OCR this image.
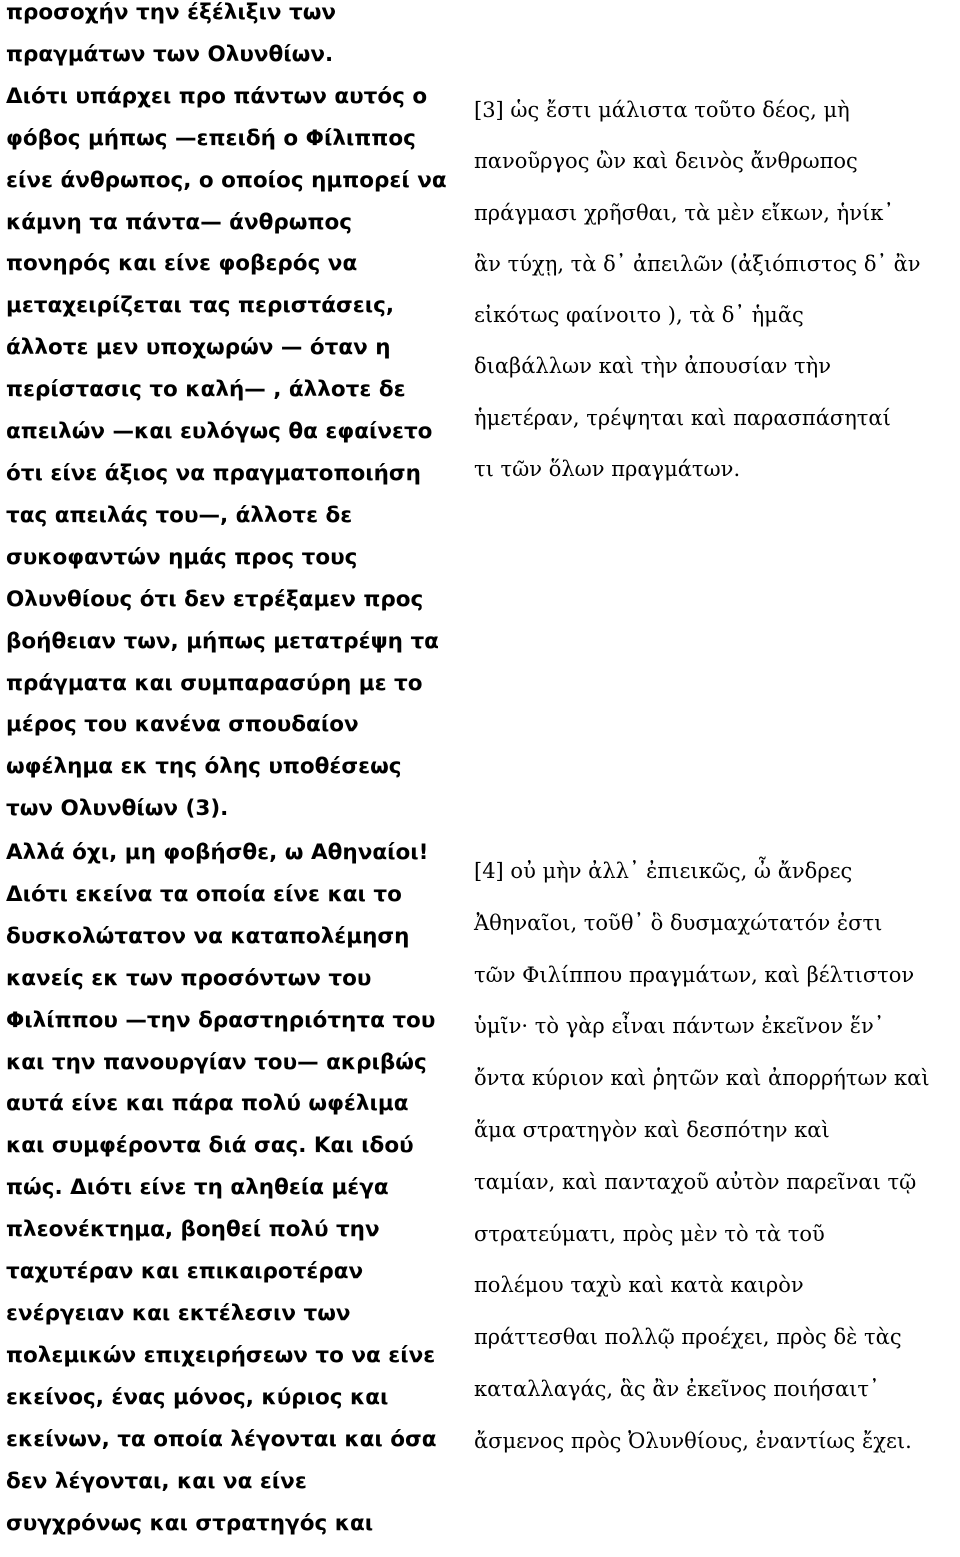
προσοχήν την έξέλιξιν των
πραγμάτων των Ολυνθίων.
Διότι υπάρχει προ πάντων αυτός ο
φόβος μήπως —επειδή ο Φίλιππος
είνε άνθρωπος, ο οποίος ημπορεί να
κάμνη τα πάντα— άνθρωπος
πονηρός και είνε φοβερός να
μεταχειρίζεται τας περιστάσεις,
άλλοτε μεν υποχωρών — όταν η
περίστασις το καλή— , άλλοτε δε
απειλών —και ευλόγως θα εφαίνετο
ότι είνε άξιος να πραγματοποιήση
τας απειλάς του—, άλλοτε δε
συκοφαντών ημάς προς τους
Ολυνθίους ότι δεν ετρέξαμεν προς
βοήθειαν των, μήπως μετατρέψη τα
πράγματα και συμπαρασύρη με το
μέρος του κανένα σπουδαίον
ωφέλημα εκ της όλης υποθέσεως
των Ολυνθίων (3).
Αλλά όχι, μη φοβήσθε, ω Αθηναίοι!
Διότι εκείνα τα οποία είνε και το
δυσκολώτατον να καταπολέμηση
κανείς εκ των προσόντων του
Φιλίππου —την δραστηριότητα του
και την πανουργίαν του— ακριβώς
αυτά είνε και πάρα πολύ ωφέλιμα
και συμφέροντα διά σας. Και ιδού
πώς. Διότι είνε τη αληθεία μέγα
πλεονέκτημα, βοηθεί πολύ την
ταχυτέραν και επικαιροτέραν
ενέργειαν και εκτέλεσιν των
πολεμικών επιχειρήσεων το να είνε
εκείνος, ένας μόνος, κύριος και
εκείνων, τα οποία λέγονται και όσα
δεν λέγονται, και να είνε
συγχρόνως και στρατηγός και
[3] ὡς ἔστι μάλιστα τοῦτο δέος, μὴ
πανοῦργος ὢν καὶ δεινὸς ἄνθρωπος
πράγμασι χρῆσθαι, τὰ μὲν εἴκων, ἡνίκ᾽
ἂν τύχῃ, τὰ δ᾽ ἀπειλῶν (ἀξιόπιστος δ᾽ ἂν
εἰκότως φαίνοιτο ), τὰ δ᾽ ἡμᾶς
διαβάλλων καὶ τὴν ἀπουσίαν τὴν
ἡμετέραν, τρέψηται καὶ παρασπάσηταί
τι τῶν ὅλων πραγμάτων.
[4] οὐ μὴν ἀλλ᾽ ἐπιεικῶς, ὦ ἄνδρες
Ἀθηναῖοι, τοῦθ᾽ ὃ δυσμαχώτατόν ἐστι
τῶν Φιλίππου πραγμάτων, καὶ βέλτιστον
ὑμῖν· τὸ γὰρ εἶναι πάντων ἐκεῖνον ἕν᾽
ὄντα κύριον καὶ ῥητῶν καὶ ἀπορρήτων καὶ
ἅμα στρατηγὸν καὶ δεσπότην καὶ
ταμίαν, καὶ πανταχοῦ αὐτὸν παρεῖναι τῷ
στρατεύματι, πρὸς μὲν τὸ τὰ τοῦ
πολέμου ταχὺ καὶ κατὰ καιρὸν
πράττεσθαι πολλῷ προέχει, πρὸς δὲ τὰς
καταλλαγάς, ἃς ἂν ἐκεῖνος ποιήσαιτ᾽
ἄσμενος πρὸς Ὀλυνθίους, ἐναντίως ἔχει.
